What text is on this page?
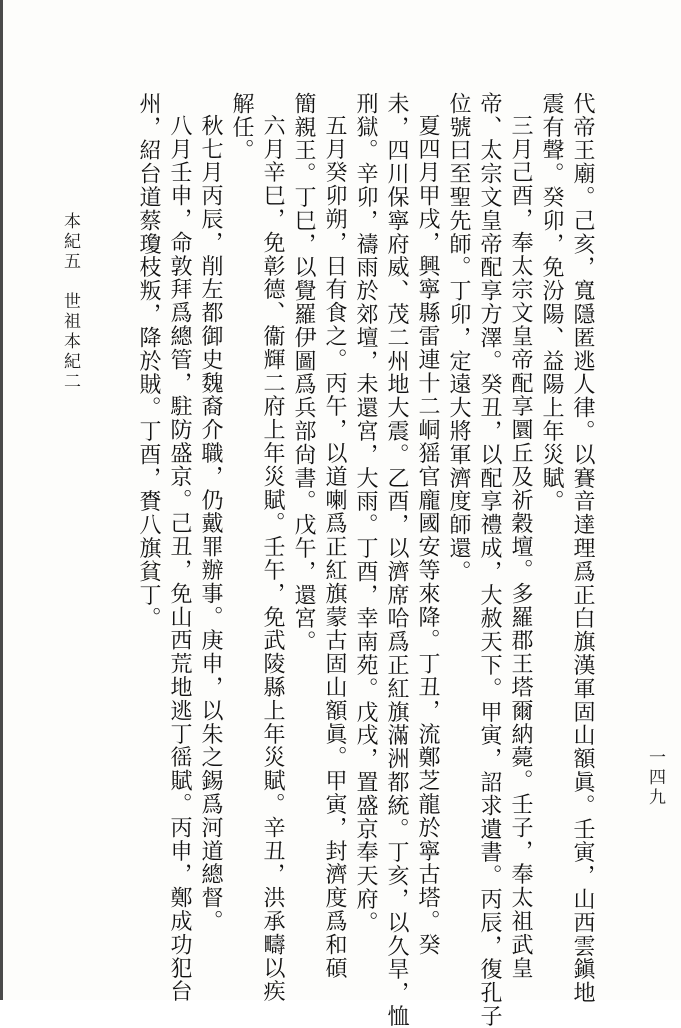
代帝王廟。己亥，寬隱匿逃人律。以賽音達理爲正白旗漢軍固山額眞。壬寅，山西雲鎭地
震有聲。癸卯，免汾陽、益陽上年災賦。
三月己酉，奉太宗文皇帝配享圜丘及祈穀壇。多羅郡王塔爾納薨。壬子，奉太祖武皇
帝、太宗文皇帝配享方澤。癸丑，以配享禮成，大赦天下。甲寅，詔求遺書。丙辰，復孔子
位號曰至聖先師。丁卯，定遠大將軍濟度師還。
夏四月甲戌，興寧縣雷連十二峒猺官龐國安等來降。丁丑，流鄭芝龍於寧古塔。癸
未，四川保寧府威、茂二州地大震。乙酉，以濟席哈爲正紅旗滿洲都統。丁亥，以久旱，恤
刑獄。辛卯，禱雨於郊壇，未還宮，大雨。丁酉，幸南苑。戊戌，置盛京奉天府。
五月癸卯朔，日有食之。丙午，以道喇爲正紅旗蒙古固山額眞。甲寅，封濟度爲和碩
簡親王。丁巳，以覺羅伊圖爲兵部尙書。戊午，還宮。
六月辛巳，免彰德、衞輝二府上年災賦。壬午，免武陵縣上年災賦。辛丑，洪承疇以疾
解任。
秋七月丙辰，削左都御史魏裔介職，仍戴罪辦事。庚申，以朱之錫爲河道總督。
八月壬申，命敦拜爲總管，駐防盛京。己丑，免山西荒地逃丁徭賦。丙申，鄭成功犯台
州，紹台道蔡瓊枝叛，降於賊。丁酉，賚八旗貧丁。
本紀五　世祖本紀二
一四九
